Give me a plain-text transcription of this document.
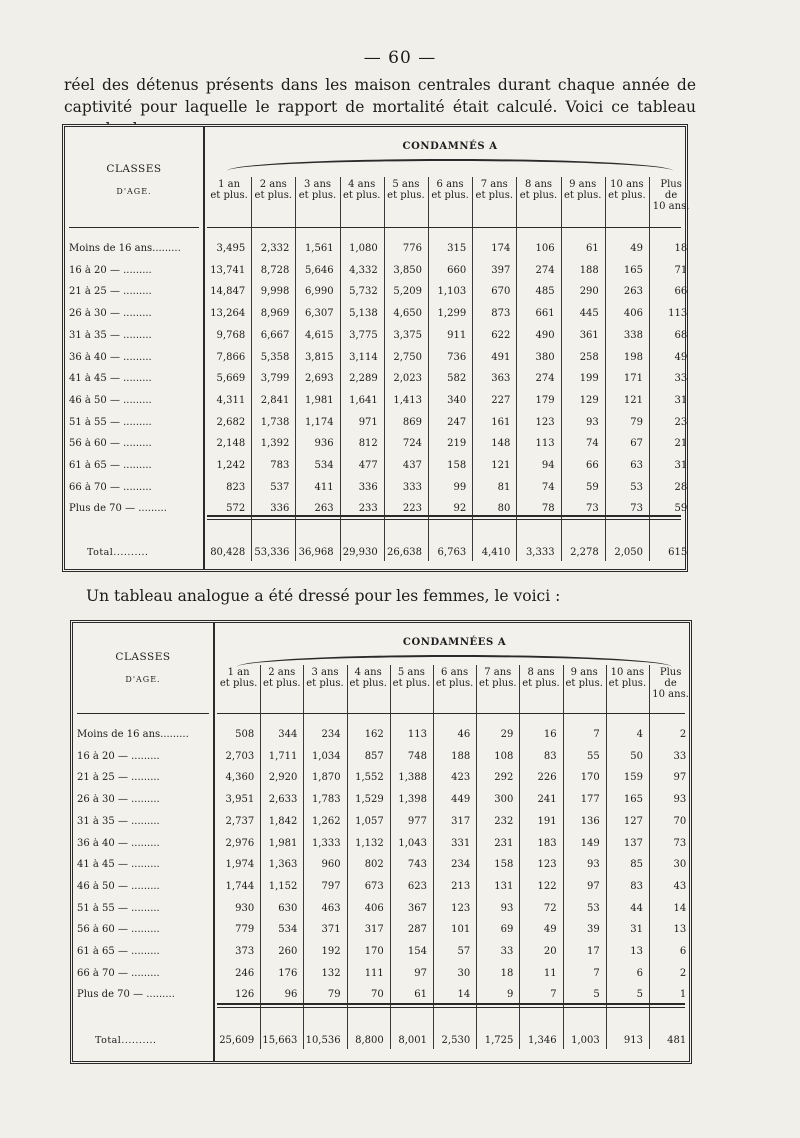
— 60 —
réel des détenus présents dans les maison centrales durant chaque année de captivité pour laquelle le rapport de mortalité était calculé. Voici ce tableau
CLASSES
D'AGE.
CONDAMNÉS A
1 an
et plus.
2 ans
et plus.
3 ans
et plus.
4 ans
et plus.
5 ans
et plus.
6 ans
et plus.
7 ans
et plus.
8 ans
et plus.
9 ans
et plus.
10 ans
et plus.
Plus
de
10 ans.
Moins de 16 ans.........	3,495	2,332	1,561	1,080	776	315	174	106	61	49	18
16 à 20 — .........	13,741	8,728	5,646	4,332	3,850	660	397	274	188	165	71
21 à 25 — .........	14,847	9,998	6,990	5,732	5,209	1,103	670	485	290	263	66
26 à 30 — .........	13,264	8,969	6,307	5,138	4,650	1,299	873	661	445	406	113
31 à 35 — .........	9,768	6,667	4,615	3,775	3,375	911	622	490	361	338	68
36 à 40 — .........	7,866	5,358	3,815	3,114	2,750	736	491	380	258	198	49
41 à 45 — .........	5,669	3,799	2,693	2,289	2,023	582	363	274	199	171	33
46 à 50 — .........	4,311	2,841	1,981	1,641	1,413	340	227	179	129	121	31
51 à 55 — .........	2,682	1,738	1,174	971	869	247	161	123	93	79	23
56 à 60 — .........	2,148	1,392	936	812	724	219	148	113	74	67	21
61 à 65 — .........	1,242	783	534	477	437	158	121	94	66	63	31
66 à 70 — .........	823	537	411	336	333	99	81	74	59	53	28
Plus de 70 — .........	572	336	263	233	223	92	80	78	73	73	59
Total..........	80,428 53,336 36,968 29,930 26,638	6,763	4,410	3,333	2,278	2,050	615
Un tableau analogue a été dressé pour les femmes, le voici :
CLASSES
D'AGE.
CONDAMNÉES A
1 an
et plus.
2 ans
et plus.
3 ans
et plus.
4 ans
et plus.
5 ans
et plus.
6 ans
et plus.
7 ans
et plus.
8 ans
et plus.
9 ans
et plus.
10 ans
et plus.
Plus
de
10 ans.
Moins de 16 ans.........	508	344	234	162	113	46	29	16	7	4	2
16 à 20 — .........	2,703	1,711	1,034	857	748	188	108	83	55	50	33
21 à 25 — .........	4,360	2,920	1,870	1,552	1,388	423	292	226	170	159	97
26 à 30 — .........	3,951	2,633	1,783	1,529	1,398	449	300	241	177	165	93
31 à 35 — .........	2,737	1,842	1,262	1,057	977	317	232	191	136	127	70
36 à 40 — .........	2,976	1,981	1,333	1,132	1,043	331	231	183	149	137	73
41 à 45 — .........	1,974	1,363	960	802	743	234	158	123	93	85	30
46 à 50 — .........	1,744	1,152	797	673	623	213	131	122	97	83	43
51 à 55 — .........	930	630	463	406	367	123	93	72	53	44	14
56 à 60 — .........	779	534	371	317	287	101	69	49	39	31	13
61 à 65 — .........	373	260	192	170	154	57	33	20	17	13	6
66 à 70 — .........	246	176	132	111	97	30	18	11	7	6	2
Plus de 70 — .........	126	96	79	70	61	14	9	7	5	5	1
Total..........	25,609 15,663 10,536	8,800	8,001	2,530	1,725	1,346	1,003	913	481
